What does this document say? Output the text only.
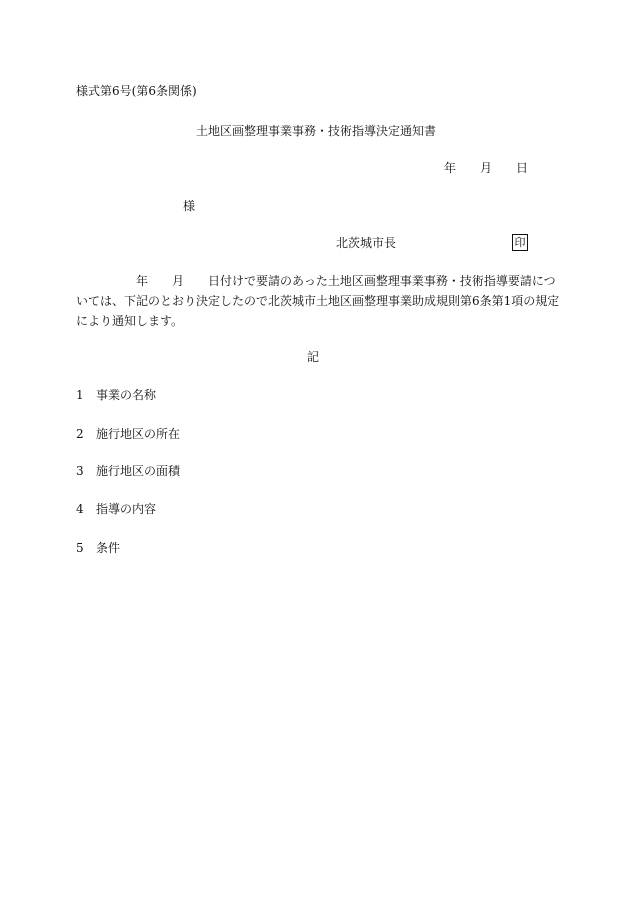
様式第6号(第6条関係)
土地区画整理事業事務・技術指導決定通知書
年 月 日
様
北茨城市長	印
年 月 日付けで要請のあった土地区画整理事業事務・技術指導要請につ
いては、下記のとおり決定したので北茨城市土地区画整理事業助成規則第6条第1項の規定
により通知します。
記
1 事業の名称
2 施行地区の所在
3 施行地区の面積
4 指導の内容
5 条件
